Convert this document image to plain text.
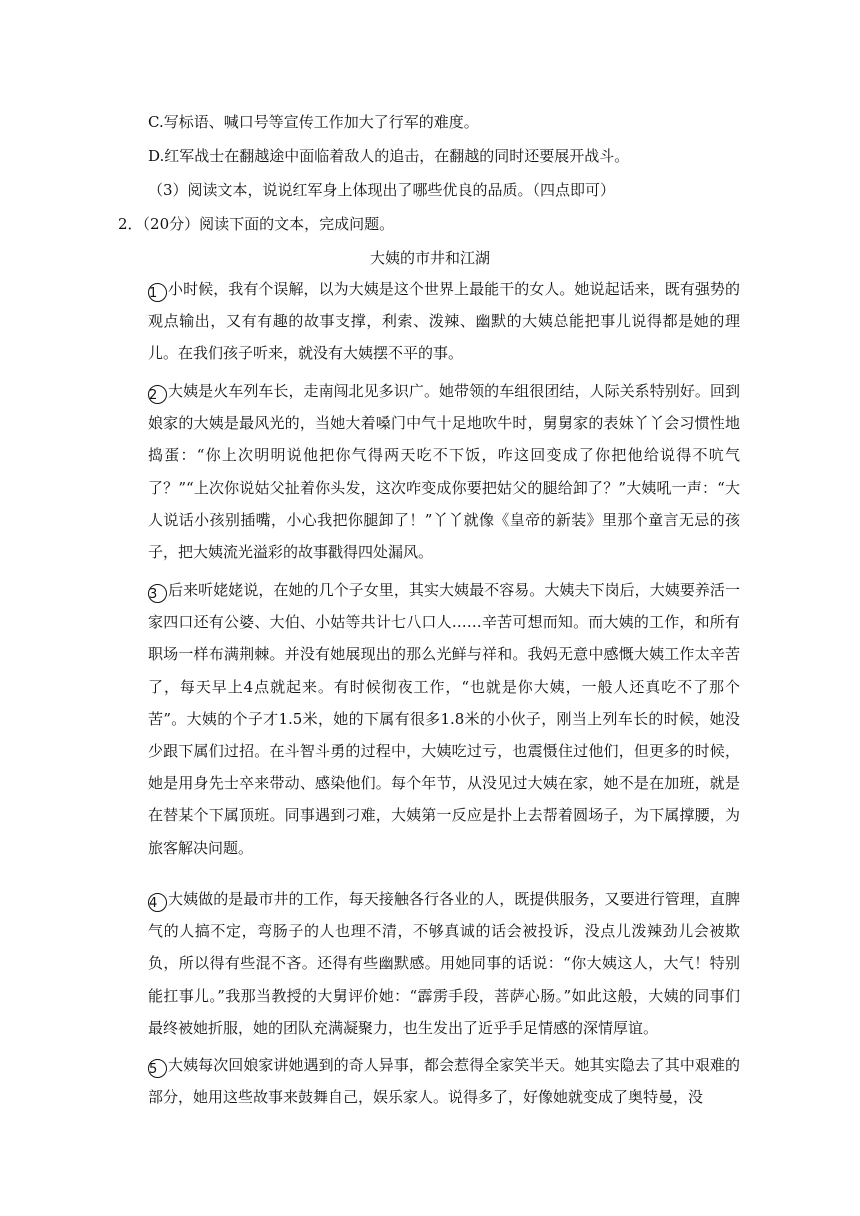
C.写标语、喊口号等宣传工作加大了行军的难度。
D.红军战士在翻越途中面临着敌人的追击，在翻越的同时还要展开战斗。
（3）阅读文本，说说红军身上体现出了哪些优良的品质。（四点即可）
2．（20分）阅读下面的文本，完成问题。
大姨的市井和江湖
1 小时候，我有个误解，以为大姨是这个世界上最能干的女人。她说起话来，既有强势的观点输出，又有有趣的故事支撑，利索、泼辣、幽默的大姨总能把事儿说得都是她的理儿。在我们孩子听来，就没有大姨摆不平的事。
2 大姨是火车列车长，走南闯北见多识广。她带领的车组很团结，人际关系特别好。回到娘家的大姨是最风光的，当她大着嗓门中气十足地吹牛时，舅舅家的表妹丫丫会习惯性地捣蛋：“你上次明明说他把你气得两天吃不下饭，咋这回变成了你把他给说得不吭气了？”“上次你说姑父扯着你头发，这次咋变成你要把姑父的腿给卸了？”大姨吼一声：“大人说话小孩别插嘴，小心我把你腿卸了！”丫丫就像《皇帝的新装》里那个童言无忌的孩子，把大姨流光溢彩的故事戳得四处漏风。
3 后来听姥姥说，在她的几个子女里，其实大姨最不容易。大姨夫下岗后，大姨要养活一家四口还有公婆、大伯、小姑等共计七八口人……辛苦可想而知。而大姨的工作，和所有职场一样布满荆棘。并没有她展现出的那么光鲜与祥和。我妈无意中感慨大姨工作太辛苦了，每天早上4点就起来。有时候彻夜工作，“也就是你大姨，一般人还真吃不了那个苦”。大姨的个子才1.5米，她的下属有很多1.8米的小伙子，刚当上列车长的时候，她没少跟下属们过招。在斗智斗勇的过程中，大姨吃过亏，也震慑住过他们，但更多的时候，她是用身先士卒来带动、感染他们。每个年节，从没见过大姨在家，她不是在加班，就是在替某个下属顶班。同事遇到刁难，大姨第一反应是扑上去帮着圆场子，为下属撑腰，为旅客解决问题。
4 大姨做的是最市井的工作，每天接触各行各业的人，既提供服务，又要进行管理，直脾气的人搞不定，弯肠子的人也理不清，不够真诚的话会被投诉，没点儿泼辣劲儿会被欺负，所以得有些混不吝。还得有些幽默感。用她同事的话说：“你大姨这人，大气！特别能扛事儿。”我那当教授的大舅评价她：“霹雳手段，菩萨心肠。”如此这般，大姨的同事们最终被她折服，她的团队充满凝聚力，也生发出了近乎手足情感的深情厚谊。
5 大姨每次回娘家讲她遇到的奇人异事，都会惹得全家笑半天。她其实隐去了其中艰难的部分，她用这些故事来鼓舞自己，娱乐家人。说得多了，好像她就变成了奥特曼，没
